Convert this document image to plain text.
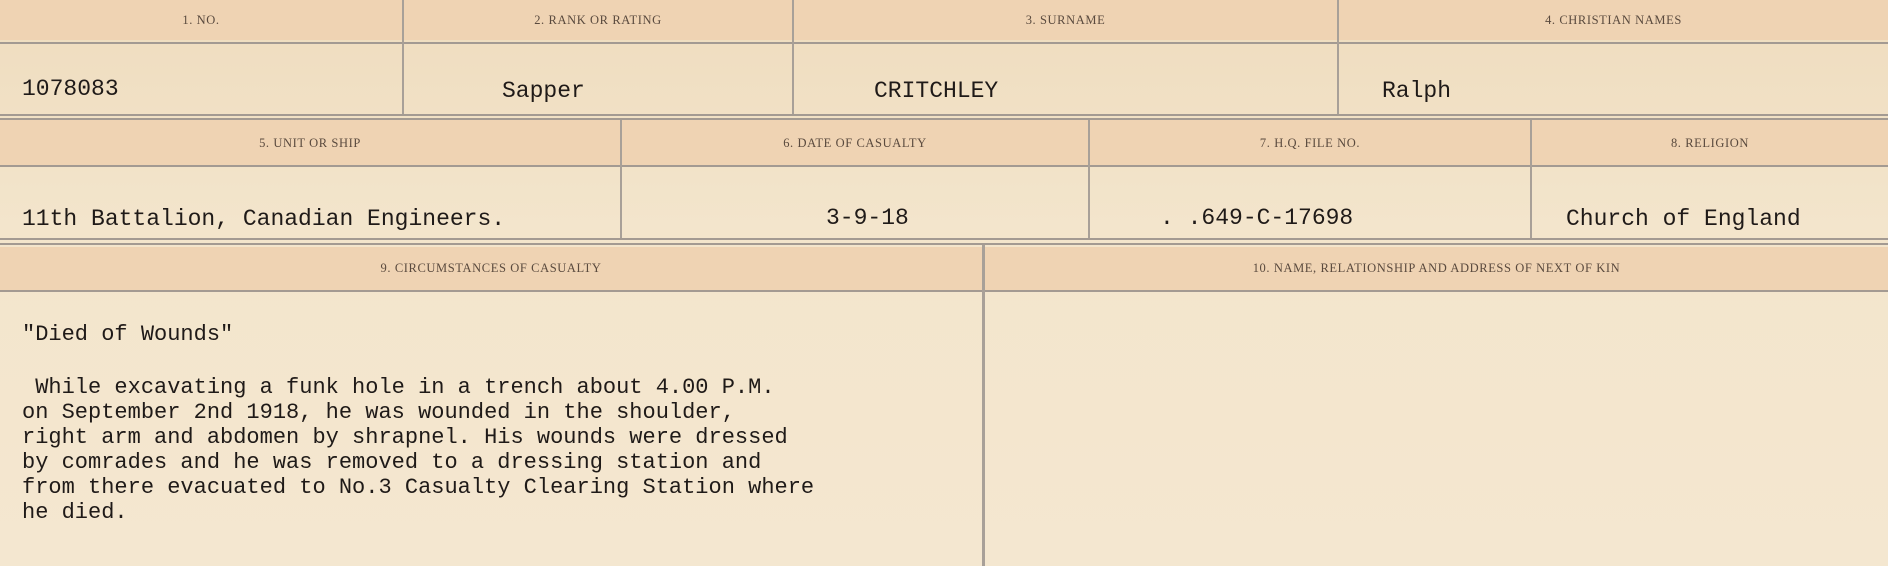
1. NO.	2. RANK OR RATING	3. SURNAME	4. CHRISTIAN NAMES
1078083	Sapper	CRITCHLEY	Ralph
5. UNIT OR SHIP	6. DATE OF CASUALTY	7. H.Q. FILE NO.	8. RELIGION
11th Battalion, Canadian Engineers.	3-9-18	. .649-C-17698	Church of England
9. CIRCUMSTANCES OF CASUALTY	10. NAME, RELATIONSHIP AND ADDRESS OF NEXT OF KIN
"Died of Wounds"
While excavating a funk hole in a trench about 4.00 P.M.
on September 2nd 1918, he was wounded in the shoulder,
right arm and abdomen by shrapnel. His wounds were dressed
by comrades and he was removed to a dressing station and
from there evacuated to No.3 Casualty Clearing Station where
he died.
